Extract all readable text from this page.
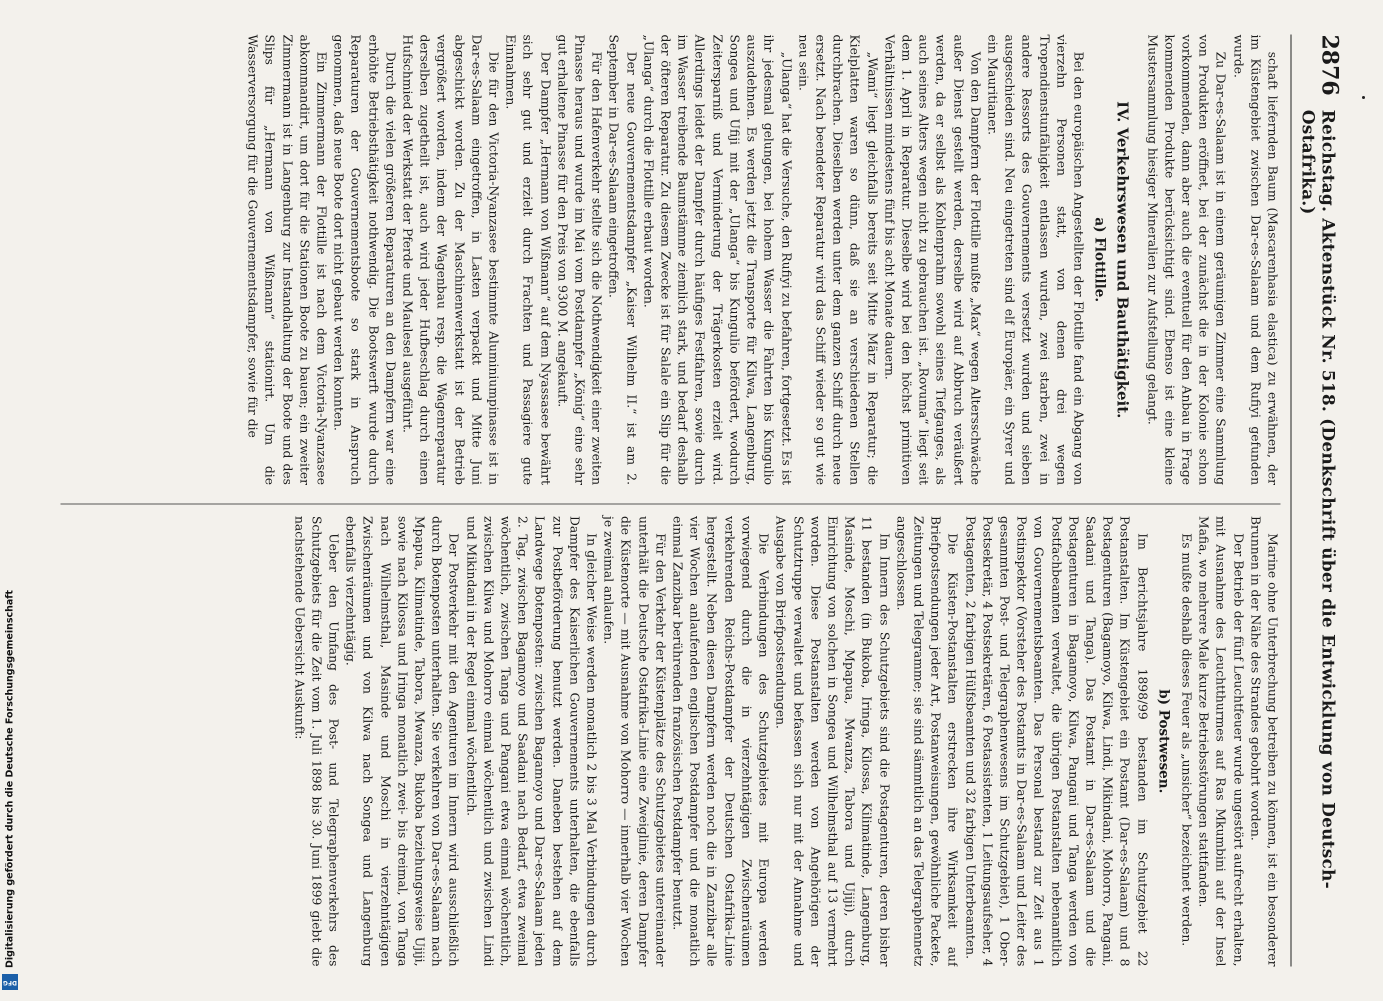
DFG
Digitalisierung gefördert durch die Deutsche Forschungsgemeinschaft
2876
Reichstag. Aktenstück Nr. 518. (Denkschrift über die Entwicklung von Deutsch-Ostafrika.)

schaft liefernden Baum (Mascarenhasia elastica) zu erwähnen, der im Küstengebiet zwischen Dar-es-Salaam und dem Rufiyi gefunden wurde.

Zu Dar-es-Salaam ist in einem geräumigen Zimmer eine Sammlung von Produkten eröffnet, bei der zunächst die in der Kolonie schon vorkommenden, dann aber auch die eventuell für den Anbau in Frage kommenden Produkte berücksichtigt sind. Ebenso ist eine kleine Mustersammlung hiesiger Mineralien zur Aufstellung gelangt.

IV. Verkehrswesen und Bauthätigkeit.
a) Flottille.

Bei den europäischen Angestellten der Flottille fand ein Abgang von vierzehn Personen statt, von denen drei wegen Tropendienstunfähigkeit entlassen wurden, zwei starben, zwei in andere Ressorts des Gouvernements versetzt wurden und sieben ausgeschieden sind. Neu eingetreten sind elf Europäer, ein Syrer und ein Mauritianer.

Von den Dampfern der Flottille mußte „Max“ wegen Altersschwäche außer Dienst gestellt werden, derselbe wird auf Abbruch veräußert werden, da er selbst als Kohlenprahm sowohl seines Tiefganges, als auch seines Alters wegen nicht zu gebrauchen ist. „Rovuma“ liegt seit dem 1. April in Reparatur. Dieselbe wird bei den höchst primitiven Verhältnissen mindestens fünf bis acht Monate dauern.

„Wami“ liegt gleichfalls bereits seit Mitte März in Reparatur; die Kielplatten waren so dünn, daß sie an verschiedenen Stellen durchbrachen. Dieselben werden unter dem ganzen Schiff durch neue ersetzt. Nach beendeter Reparatur wird das Schiff wieder so gut wie neu sein.

„Ulanga“ hat die Versuche, den Rufiyi zu befahren, fortgesetzt. Es ist ihr jedesmal gelungen, bei hohem Wasser die Fahrten bis Kungulio auszudehnen. Es werden jetzt die Transporte für Kilwa, Langenburg, Songea und Ufiji mit der „Ulanga“ bis Kungulio befördert, wodurch Zeitersparniß und Verminderung der Trägerkosten erzielt wird. Allerdings leidet der Dampfer durch häufiges Festfahren, sowie durch im Wasser treibende Baumstämme ziemlich stark, und bedarf deshalb der öfteren Reparatur. Zu diesem Zwecke ist für Salale ein Slip für die „Ulanga“ durch die Flottille erbaut worden.

Der neue Gouvernementsdampfer „Kaiser Wilhelm II.“ ist am 2. September in Dar-es-Salaam eingetroffen.

Für den Hafenverkehr stellte sich die Nothwendigkeit einer zweiten Pinasse heraus und wurde im Mai vom Postdampfer „König“ eine sehr gut erhaltene Pinasse für den Preis von 9300 M. angekauft.

Der Dampfer „Hermann von Wißmann“ auf dem Nyassasee bewährt sich sehr gut und erzielt durch Frachten und Passagiere gute Einnahmen.

Die für den Victoria-Nyanzasee bestimmte Aluminiumpinasse ist in Dar-es-Salaam eingetroffen, in Lasten verpackt und Mitte Juni abgeschickt worden. Zu der Maschinenwerkstatt ist der Betrieb vergrößert worden, indem der Wagenbau resp. die Wagenreparatur derselben zugetheilt ist, auch wird jeder Hufbeschlag durch einen Hufschmied der Werkstatt der Pferde und Maulesel ausgeführt.

Durch die vielen größeren Reparaturen an den Dampfern war eine erhöhte Betriebsthätigkeit nothwendig. Die Bootswerft wurde durch Reparaturen der Gouvernementsboote so stark in Anspruch genommen, daß neue Boote dort nicht gebaut werden konnten.

Ein Zimmermann der Flottille ist nach dem Victoria-Nyanzasee abkommandirt, um dort für die Stationen Boote zu bauen; ein zweiter Zimmermann ist in Langenburg zur Instandhaltung der Boote und des Slips für „Hermann von Wißmann“ stationirt. Um die Wasserversorgung für die Gouvernementsdampfer, sowie für die

Marine ohne Unterbrechung betreiben zu können, ist ein besonderer Brunnen in der Nähe des Strandes gebohrt worden.

Der Betrieb der fünf Leuchtfeuer wurde ungestört aufrecht erhalten, mit Ausnahme des Leuchtthurmes auf Ras Mkumbini auf der Insel Mafia, wo mehrere Male kurze Betriebsstörungen stattfanden.

Es mußte deshalb dieses Feuer als „unsicher“ bezeichnet werden.

b) Postwesen.

Im Berichtsjahre 1898/99 bestanden im Schutzgebiet 22 Postanstalten. Im Küstengebiet ein Postamt (Dar-es-Salaam) und 8 Postagenturen (Bagamoyo, Kilwa, Lindi, Mikindani, Mohorro, Pangani, Saadani und Tanga). Das Postamt in Dar-es-Salaam und die Postagenturen in Bagamoyo, Kilwa, Pangani und Tanga werden von Postfachbeamten verwaltet, die übrigen Postanstalten nebenamtlich von Gouvernementsbeamten. Das Personal bestand zur Zeit aus 1 Postinspektor (Vorsteher des Postamts in Dar-es-Salaam und Leiter des gesammten Post- und Telegraphenwesens im Schutzgebiet), 1 Ober-Postsekretär, 4 Postsekretären, 6 Postassistenten, 1 Leitungsaufseher, 4 Postagenten, 2 farbigen Hülfsbeamten und 32 farbigen Unterbeamten.

Die Küsten-Postanstalten erstrecken ihre Wirksamkeit auf Briefpostsendungen jeder Art, Postanweisungen, gewöhnliche Packete, Zeitungen und Telegramme; sie sind sämmtlich an das Telegraphennetz angeschlossen.

Im Innern des Schutzgebiets sind die Postagenturen, deren bisher 11 bestanden (in Bukoba, Iringa, Kilossa, Kilimatinde, Langenburg, Masinde, Moschi, Mpapua, Mwanza, Tabora und Ujiji), durch Einrichtung von solchen in Songea und Wilhelmsthal auf 13 vermehrt worden. Diese Postanstalten werden von Angehörigen der Schutztruppe verwaltet und befassen sich nur mit der Annahme und Ausgabe von Briefpostsendungen.

Die Verbindungen des Schutzgebietes mit Europa werden vorwiegend durch die in vierzehntägigen Zwischenräumen verkehrenden Reichs-Postdampfer der Deutschen Ostafrika-Linie hergestellt. Neben diesen Dampfern werden noch die in Zanzibar alle vier Wochen anlaufenden englischen Postdampfer und die monatlich einmal Zanzibar berührenden französischen Postdampfer benutzt.

Für den Verkehr der Küstenplätze des Schutzgebietes untereinander unterhält die Deutsche Ostafrika-Linie eine Zweiglinie, deren Dampfer die Küstenorte — mit Ausnahme von Mohorro — innerhalb vier Wochen je zweimal anlaufen.

In gleicher Weise werden monatlich 2 bis 3 Mal Verbindungen durch Dampfer des Kaiserlichen Gouvernements unterhalten, die ebenfalls zur Postbeförderung benutzt werden. Daneben bestehen auf dem Landwege Botenposten: zwischen Bagamoyo und Dar-es-Salaam jeden 2. Tag, zwischen Bagamoyo und Saadani nach Bedarf, etwa zweimal wöchentlich, zwischen Tanga und Pangani etwa einmal wöchentlich, zwischen Kilwa und Mohorro einmal wöchentlich und zwischen Lindi und Mikindani in der Regel einmal wöchentlich.

Der Postverkehr mit den Agenturen im Innern wird ausschließlich durch Botenposten unterhalten. Sie verkehren von Dar-es-Salaam nach Mpapua, Kilimatinde, Tabora, Mwanza, Bukoba beziehungsweise Ujiji, sowie nach Kilossa und Iringa monatlich zwei- bis dreimal, von Tanga nach Wilhelmsthal, Masinde und Moschi in vierzehntägigen Zwischenräumen und von Kilwa nach Songea und Langenburg ebenfalls vierzehntägig.

Ueber den Umfang des Post- und Telegraphenverkehrs des Schutzgebiets für die Zeit vom 1. Juli 1898 bis 30. Juni 1899 giebt die nachstehende Uebersicht Auskunft:
